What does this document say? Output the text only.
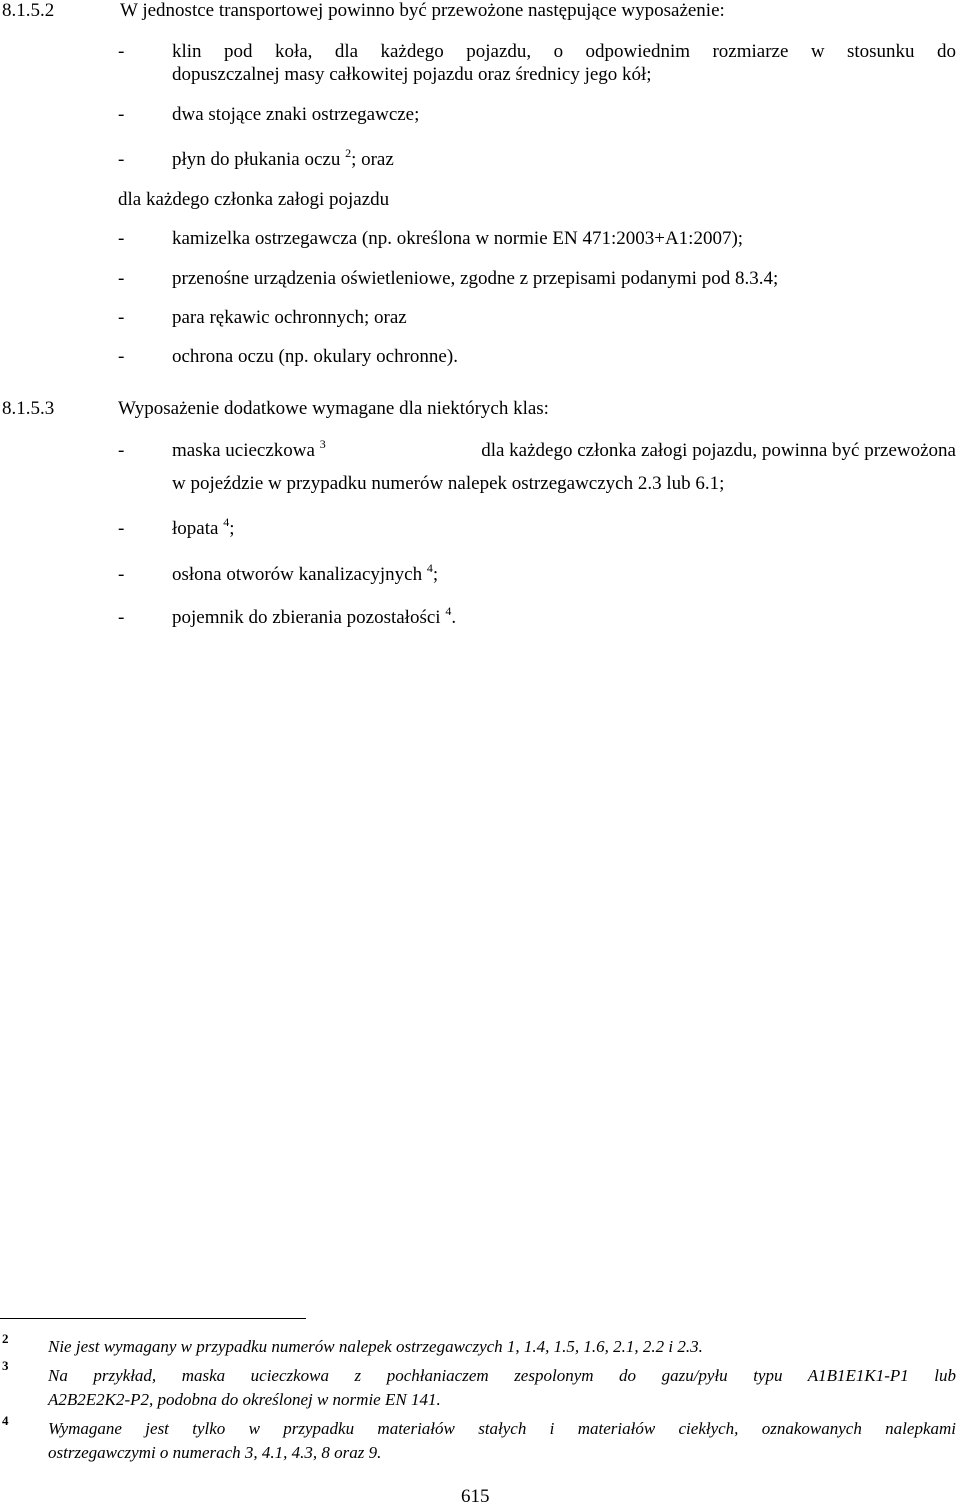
8.1.5.2	W jednostce transportowej powinno być przewożone następujące wyposażenie:
-	klin pod koła, dla każdego pojazdu, o odpowiednim rozmiarze w stosunku do
dopuszczalnej masy całkowitej pojazdu oraz średnicy jego kół;
-	dwa stojące znaki ostrzegawcze;
-	płyn do płukania oczu $^2$; oraz
dla każdego członka załogi pojazdu
-	kamizelka ostrzegawcza (np. określona w normie EN 471:2003+A1:2007);
-	przenośne urządzenia oświetleniowe, zgodne z przepisami podanymi pod 8.3.4;
-	para rękawic ochronnych; oraz
-	ochrona oczu (np. okulary ochronne).
8.1.5.3	Wyposażenie dodatkowe wymagane dla niektórych klas:
-	maska ucieczkowa $^3$	dla każdego członka załogi pojazdu, powinna być przewożona
w pojeździe w przypadku numerów nalepek ostrzegawczych 2.3 lub 6.1;
-	łopata $^4$;
-	osłona otworów kanalizacyjnych $^4$;
-	pojemnik do zbierania pozostałości $^4$.
2 Nie jest wymagany w przypadku numerów nalepek ostrzegawczych 1, 1.4, 1.5, 1.6, 2.1, 2.2 i 2.3.
3
Na przykład, maska ucieczkowa z pochłaniaczem zespolonym do gazu/pyłu typu A1B1E1K1-P1 lub
A2B2E2K2-P2, podobna do określonej w normie EN 141.
4 Wymagane jest tylko w przypadku materiałów stałych i materiałów ciekłych, oznakowanych nalepkami
ostrzegawczymi o numerach 3, 4.1, 4.3, 8 oraz 9.
615
